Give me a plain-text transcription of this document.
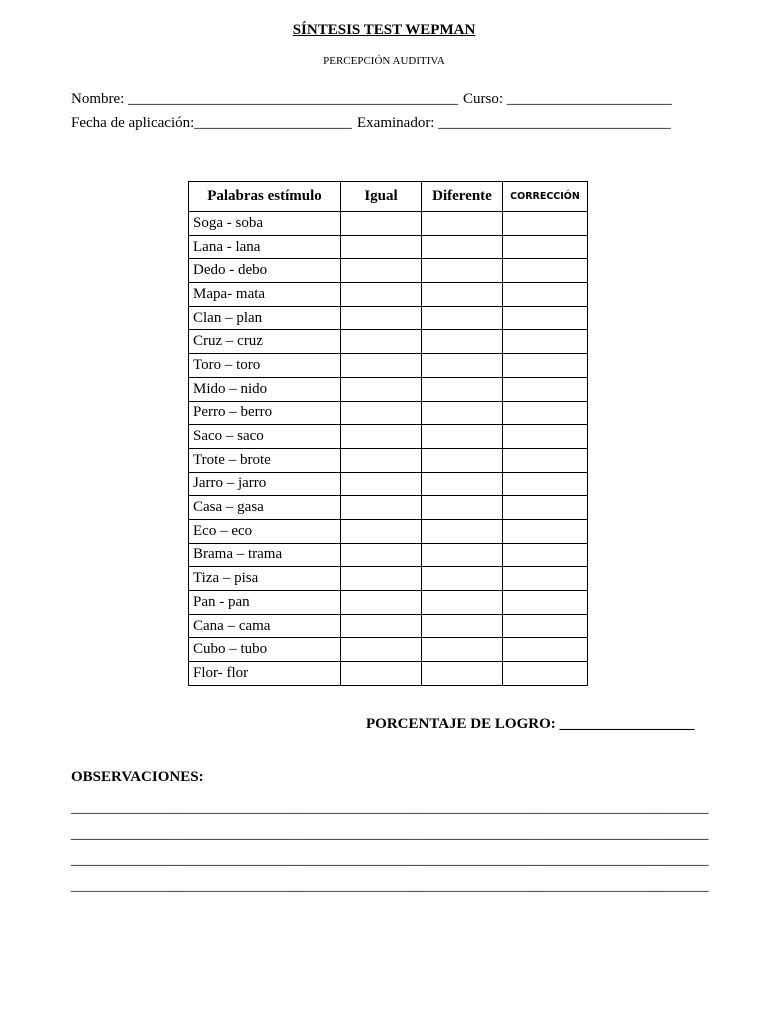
SÍNTESIS TEST WEPMAN
PERCEPCIÓN AUDITIVA
Nombre: ____________________________________________ Curso: ______________________
Fecha de aplicación:_____________________ Examinador: _______________________________
Palabras estímulo	Igual	Diferente	CORRECCIÓN
Soga - soba			
Lana - lana			
Dedo - debo			
Mapa- mata			
Clan – plan			
Cruz – cruz			
Toro – toro			
Mido – nido			
Perro – berro			
Saco – saco			
Trote – brote			
Jarro – jarro			
Casa – gasa			
Eco – eco			
Brama – trama			
Tiza – pisa			
Pan - pan			
Cana – cama			
Cubo – tubo			
Flor- flor			
PORCENTAJE DE LOGRO: __________________
OBSERVACIONES:
_____________________________________________________________________________________
_____________________________________________________________________________________
_____________________________________________________________________________________
_____________________________________________________________________________________
